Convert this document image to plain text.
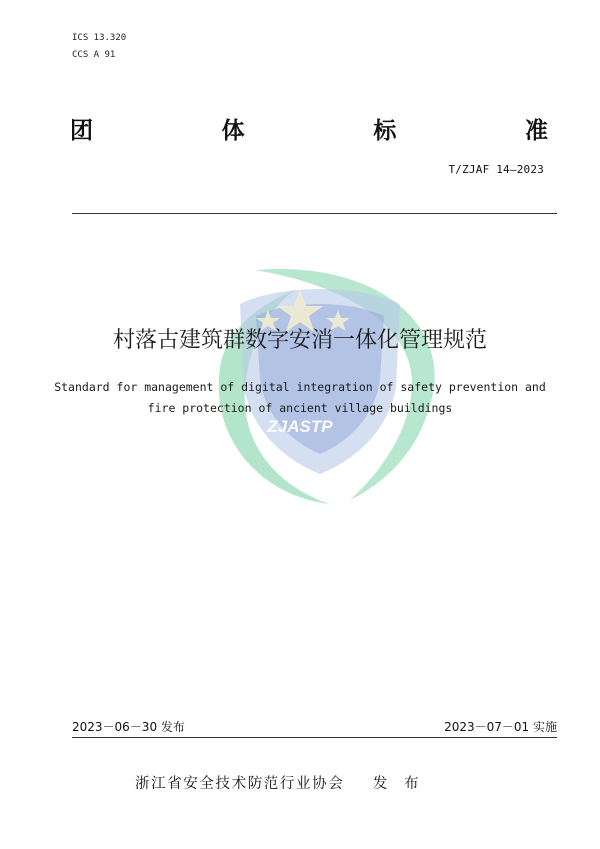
ICS 13.320
CCS A 91
团	体	标	准
T/ZJAF 14—2023
ZJASTP
村落古建筑群数字安消一体化管理规范
Standard for management of digital integration of safety prevention and
fire protection of ancient village buildings
2023－06－30 发布	2023－07－01 实施
浙江省安全技术防范行业协会 发 布
